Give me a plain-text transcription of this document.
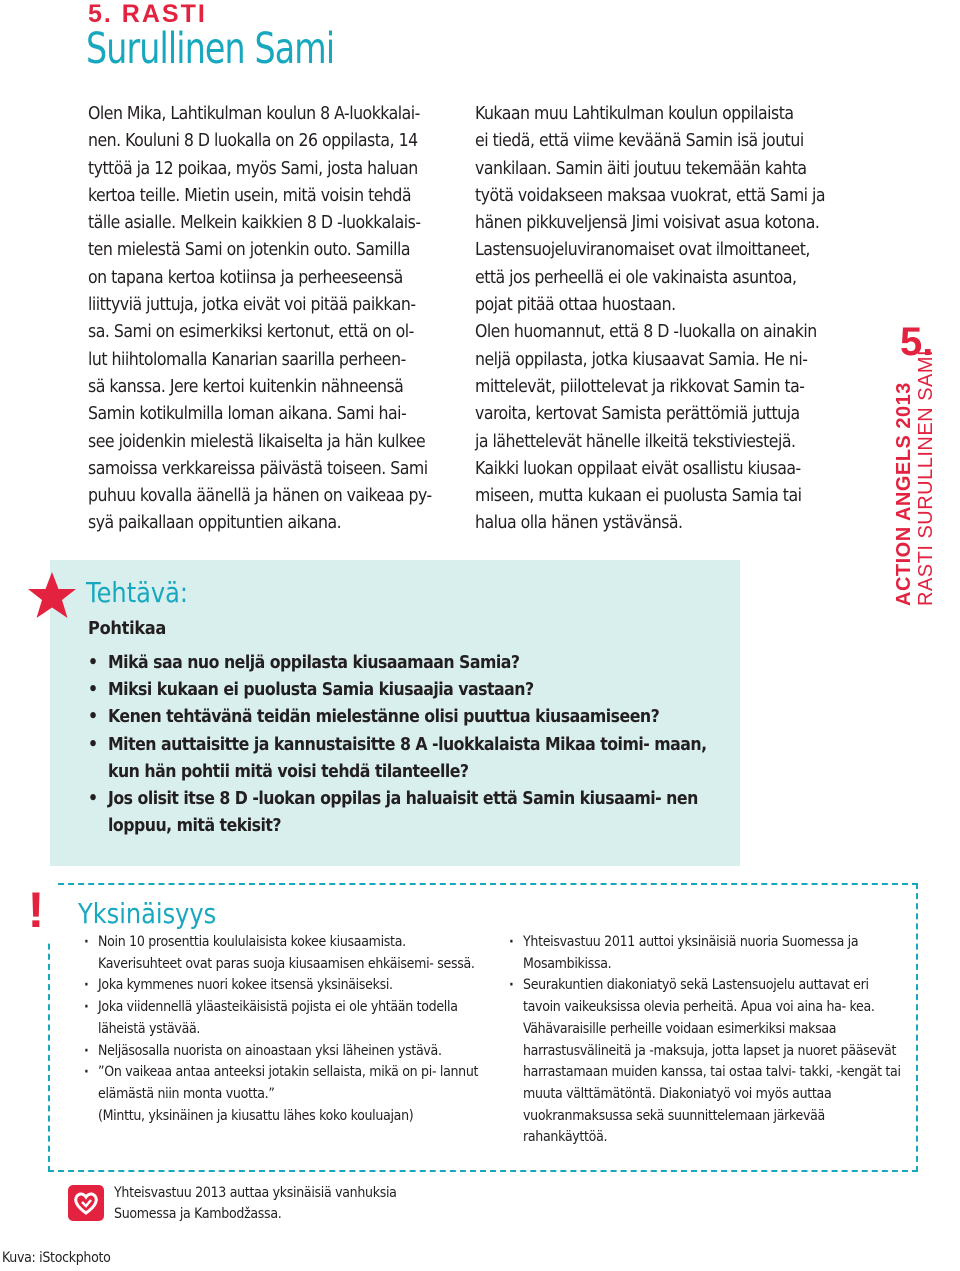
5. RASTI
Surullinen Sami
Olen Mika, Lahtikulman koulun 8 A-luokkalai-
nen. Kouluni 8 D luokalla on 26 oppilasta, 14
tyttöä ja 12 poikaa, myös Sami, josta haluan
kertoa teille. Mietin usein, mitä voisin tehdä
tälle asialle. Melkein kaikkien 8 D -luokkalais-
ten mielestä Sami on jotenkin outo. Samilla
on tapana kertoa kotiinsa ja perheeseensä
liittyviä juttuja, jotka eivät voi pitää paikkan-
sa. Sami on esimerkiksi kertonut, että on ol-
lut hiihtolomalla Kanarian saarilla perheen-
sä kanssa. Jere kertoi kuitenkin nähneensä
Samin kotikulmilla loman aikana. Sami hai-
see joidenkin mielestä likaiselta ja hän kulkee
samoissa verkkareissa päivästä toiseen. Sami
puhuu kovalla äänellä ja hänen on vaikeaa py-
syä paikallaan oppituntien aikana.
Kukaan muu Lahtikulman koulun oppilaista
ei tiedä, että viime keväänä Samin isä joutui
vankilaan. Samin äiti joutuu tekemään kahta
työtä voidakseen maksaa vuokrat, että Sami ja
hänen pikkuveljensä Jimi voisivat asua kotona.
Lastensuojeluviranomaiset ovat ilmoittaneet,
että jos perheellä ei ole vakinaista asuntoa,
pojat pitää ottaa huostaan.
Olen huomannut, että 8 D -luokalla on ainakin
neljä oppilasta, jotka kiusaavat Samia. He ni-
mittelevät, piilottelevat ja rikkovat Samin ta-
varoita, kertovat Samista perättömiä juttuja
ja lähettelevät hänelle ilkeitä tekstiviestejä.
Kaikki luokan oppilaat eivät osallistu kiusaa-
miseen, mutta kukaan ei puolusta Samia tai
halua olla hänen ystävänsä.
5.
ACTION ANGELS 2013
RASTI SURULLINEN SAMI
Tehtävä:
Pohtikaa
• Mikä saa nuo neljä oppilasta kiusaamaan Samia?
• Miksi kukaan ei puolusta Samia kiusaajia vastaan?
• Kenen tehtävänä teidän mielestänne olisi puuttua kiusaamiseen?
• Miten auttaisitte ja kannustaisitte 8 A -luokkalaista Mikaa toimi- maan, kun hän pohtii mitä voisi tehdä tilanteelle?
• Jos olisit itse 8 D -luokan oppilas ja haluaisit että Samin kiusaami- nen loppuu, mitä tekisit?
!	Yksinäisyys
· Noin 10 prosenttia koululaisista kokee kiusaamista. Kaverisuhteet ovat paras suoja kiusaamisen ehkäisemi- sessä.
· Joka kymmenes nuori kokee itsensä yksinäiseksi.
· Joka viidennellä yläasteikäisistä pojista ei ole yhtään todella läheistä ystävää.
· Neljäsosalla nuorista on ainoastaan yksi läheinen ystävä.
· ”On vaikeaa antaa anteeksi jotakin sellaista, mikä on pi- lannut elämästä niin monta vuotta.”
(Minttu, yksinäinen ja kiusattu lähes koko kouluajan)
· Yhteisvastuu 2011 auttoi yksinäisiä nuoria Suomessa ja Mosambikissa.
· Seurakuntien diakoniatyö sekä Lastensuojelu auttavat eri tavoin vaikeuksissa olevia perheitä. Apua voi aina ha- kea. Vähävaraisille perheille voidaan esimerkiksi maksaa harrastusvälineitä ja -maksuja, jotta lapset ja nuoret pääsevät harrastamaan muiden kanssa, tai ostaa talvi- takki, -kengät tai muuta välttämätöntä. Diakoniatyö voi myös auttaa vuokranmaksussa sekä suunnittelemaan järkevää rahankäyttöä.
Yhteisvastuu 2013 auttaa yksinäisiä vanhuksia
Suomessa ja Kambodžassa.
Kuva: iStockphoto
